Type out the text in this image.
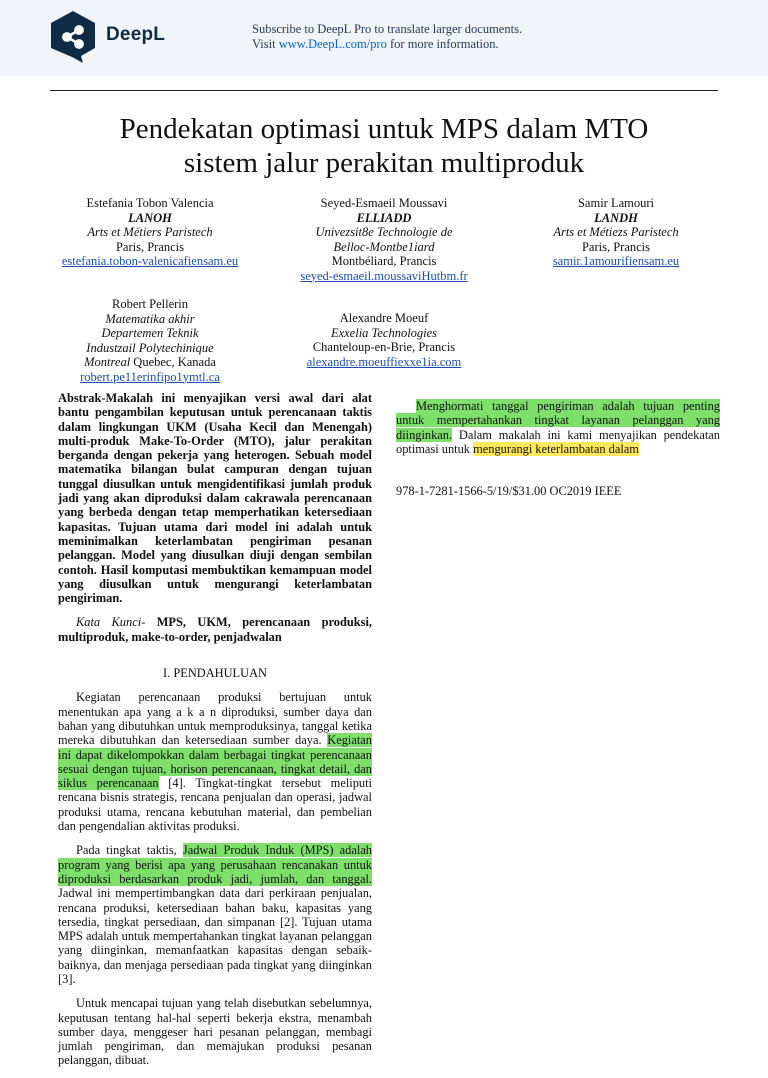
DeepL	Subscribe to DeepL Pro to translate larger documents.
Visit www.DeepL.com/pro for more information.
Pendekatan optimasi untuk MPS dalam MTO
sistem jalur perakitan multiproduk
Estefania Tobon Valencia
LANOH
Arts et Métiers Paristech
Paris, Prancis
estefania.tobon-valenicafiensam.eu
Seyed-Esmaeil Moussavi
ELLIADD
Univezsit8e Technologie de
Belloc-Montbe1iard
Montbéliard, Prancis
seyed-esmaeil.moussaviHutbm.fr
Samir Lamouri
LANDH
Arts et Métiezs Paristech
Paris, Prancis
samir.1amourifiensam.eu
Robert Pellerin
Matematika akhir
Departemen Teknik
Industzail Polytechinique
Montreal Quebec, Kanada
robert.pe11erinfipo1ymtl.ca
Alexandre Moeuf
Exxelia Technologies
Chanteloup-en-Brie, Prancis
alexandre.moeuffiexxe1ia.com

Abstrak-Makalah ini menyajikan versi awal dari alat bantu pengambilan keputusan untuk perencanaan taktis dalam lingkungan UKM (Usaha Kecil dan Menengah) multi-produk Make-To-Order (MTO), jalur perakitan berganda dengan pekerja yang heterogen. Sebuah model matematika bilangan bulat campuran dengan tujuan tunggal diusulkan untuk mengidentifikasi jumlah produk jadi yang akan diproduksi dalam cakrawala perencanaan yang berbeda dengan tetap memperhatikan ketersediaan kapasitas. Tujuan utama dari model ini adalah untuk meminimalkan keterlambatan pengiriman pesanan pelanggan. Model yang diusulkan diuji dengan sembilan contoh. Hasil komputasi membuktikan kemampuan model yang diusulkan untuk mengurangi keterlambatan pengiriman.

Kata Kunci- MPS, UKM, perencanaan produksi, multiproduk, make-to-order, penjadwalan

I. PENDAHULUAN

Kegiatan perencanaan produksi bertujuan untuk menentukan apa yang a k a n diproduksi, sumber daya dan bahan yang dibutuhkan untuk memproduksinya, tanggal ketika mereka dibutuhkan dan ketersediaan sumber daya. Kegiatan ini dapat dikelompokkan dalam berbagai tingkat perencanaan sesuai dengan tujuan, horison perencanaan, tingkat detail, dan siklus perencanaan [4]. Tingkat-tingkat tersebut meliputi rencana bisnis strategis, rencana penjualan dan operasi, jadwal produksi utama, rencana kebutuhan material, dan pembelian dan pengendalian aktivitas produksi.

Pada tingkat taktis, Jadwal Produk Induk (MPS) adalah program yang berisi apa yang perusahaan rencanakan untuk diproduksi berdasarkan produk jadi, jumlah, dan tanggal. Jadwal ini mempertimbangkan data dari perkiraan penjualan, rencana produksi, ketersediaan bahan baku, kapasitas yang tersedia, tingkat persediaan, dan simpanan [2]. Tujuan utama MPS adalah untuk mempertahankan tingkat layanan pelanggan yang diinginkan, memanfaatkan kapasitas dengan sebaik-baiknya, dan menjaga persediaan pada tingkat yang diinginkan [3].

Untuk mencapai tujuan yang telah disebutkan sebelumnya, keputusan tentang hal-hal seperti bekerja ekstra, menambah sumber daya, menggeser hari pesanan pelanggan, membagi jumlah pengiriman, dan memajukan produksi pesanan pelanggan, dibuat.

Menghormati tanggal pengiriman adalah tujuan penting untuk mempertahankan tingkat layanan pelanggan yang diinginkan. Dalam makalah ini kami menyajikan pendekatan optimasi untuk mengurangi keterlambatan dalam

978-1-7281-1566-5/19/$31.00 OC2019 IEEE
